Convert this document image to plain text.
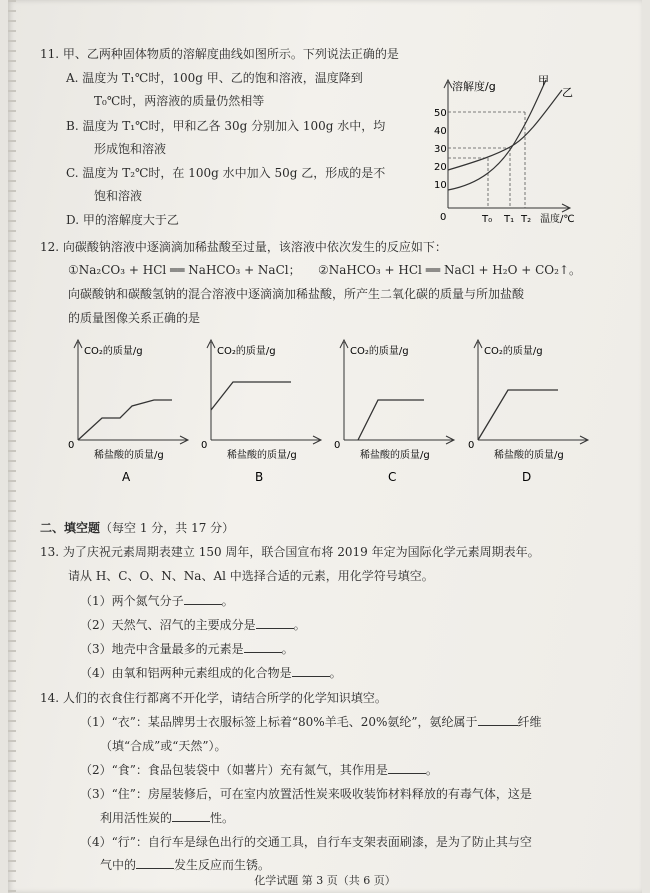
11. 甲、乙两种固体物质的溶解度曲线如图所示。下列说法正确的是
A. 温度为 T₁℃时，100g 甲、乙的饱和溶液，温度降到
T₀℃时，两溶液的质量仍然相等
B. 温度为 T₁℃时，甲和乙各 30g 分别加入 100g 水中，均
形成饱和溶液
C. 温度为 T₂℃时，在 100g 水中加入 50g 乙，形成的是不
饱和溶液
D. 甲的溶解度大于乙
溶解度/g	甲
乙
50
40
30
20
10
0	T₀ T₁ T₂ 温度/℃
12. 向碳酸钠溶液中逐滴滴加稀盐酸至过量，该溶液中依次发生的反应如下：
①Na₂CO₃ + HCl ══ NaHCO₃ + NaCl； ②NaHCO₃ + HCl ══ NaCl + H₂O + CO₂↑。
向碳酸钠和碳酸氢钠的混合溶液中逐滴滴加稀盐酸，所产生二氧化碳的质量与所加盐酸
的质量图像关系正确的是
CO₂的质量/g
0
稀盐酸的质量/g
A
CO₂的质量/g
0
稀盐酸的质量/g
B
CO₂的质量/g
0
稀盐酸的质量/g
C
CO₂的质量/g
0
稀盐酸的质量/g
D
二、填空题（每空 1 分，共 17 分）
13. 为了庆祝元素周期表建立 150 周年，联合国宣布将 2019 年定为国际化学元素周期表年。
请从 H、C、O、N、Na、Al 中选择合适的元素，用化学符号填空。
（1）两个氮气分子	。
（2）天然气、沼气的主要成分是	。
（3）地壳中含量最多的元素是	。
（4）由氧和铝两种元素组成的化合物是	。
14. 人们的衣食住行都离不开化学，请结合所学的化学知识填空。
（1）“衣”：某品牌男士衣服标签上标着“80%羊毛、20%氨纶”，氨纶属于	纤维
（填“合成”或“天然”）。
（2）“食”：食品包装袋中（如薯片）充有氮气，其作用是	。
（3）“住”：房屋装修后，可在室内放置活性炭来吸收装饰材料释放的有毒气体，这是
利用活性炭的	性。
（4）“行”：自行车是绿色出行的交通工具，自行车支架表面刷漆，是为了防止其与空
气中的	发生反应而生锈。
化学试题 第 3 页（共 6 页）
